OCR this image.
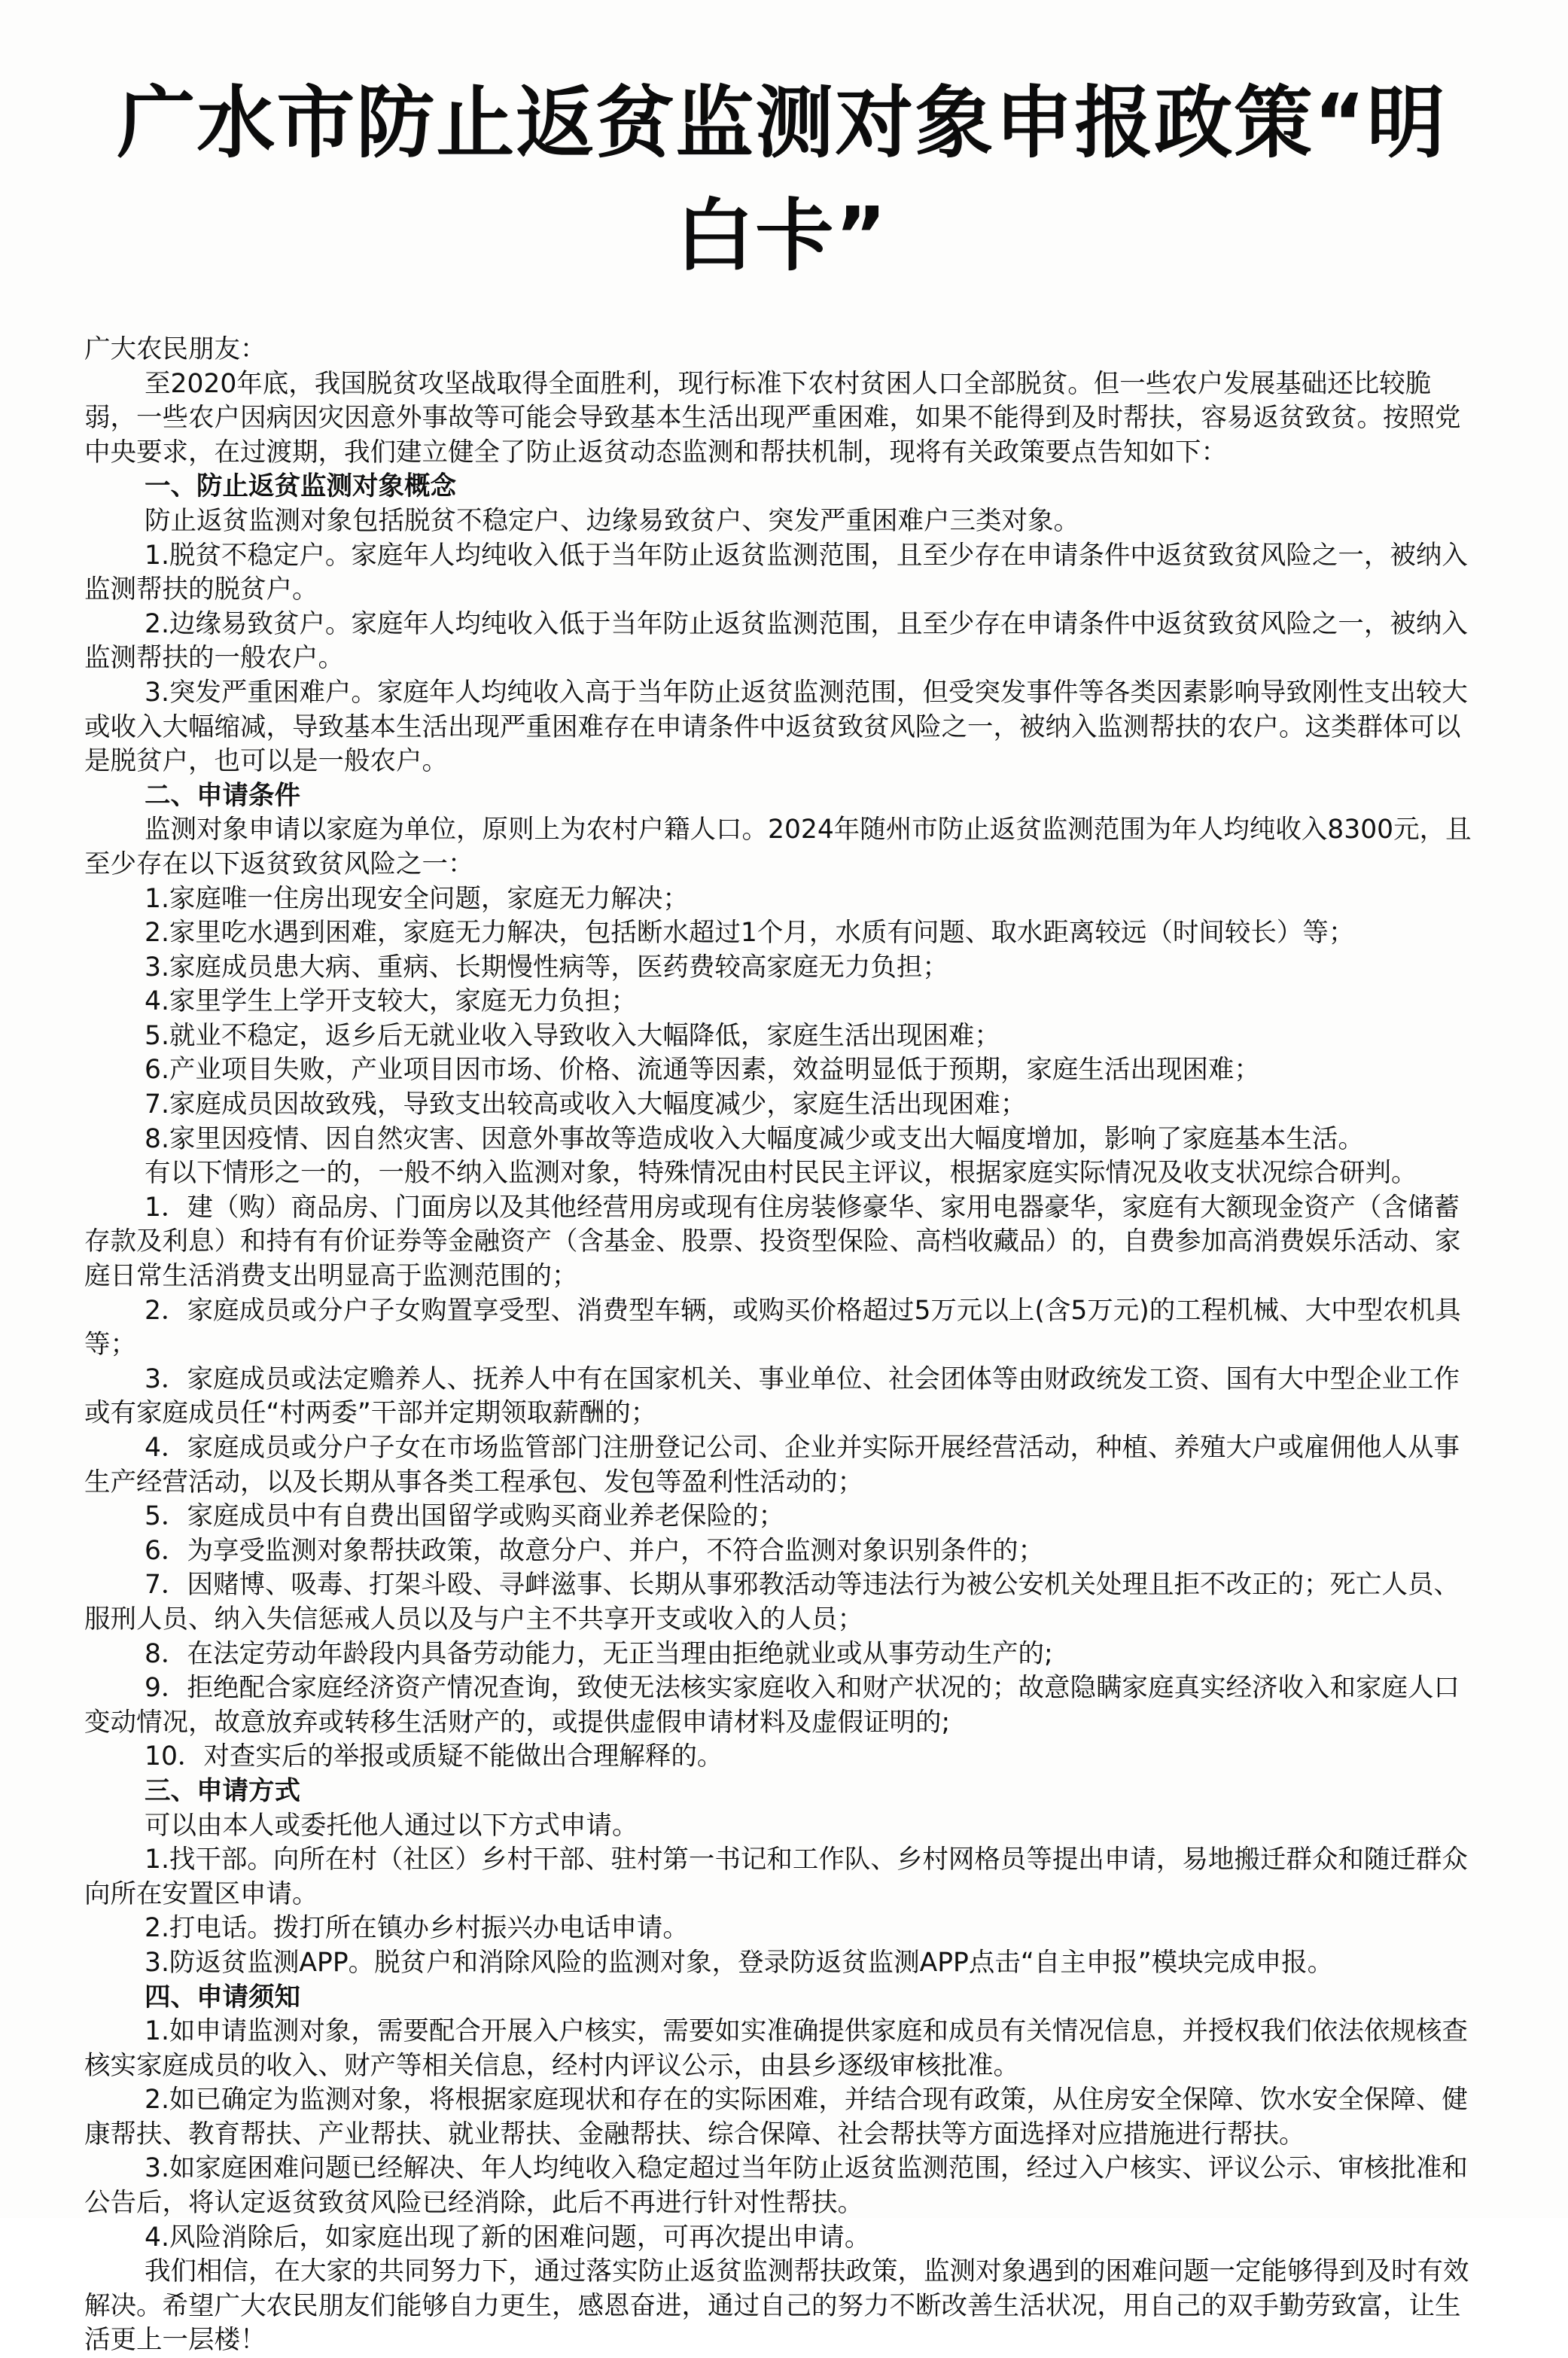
广水市防止返贫监测对象申报政策“明白卡”

广大农民朋友：

至2020年底，我国脱贫攻坚战取得全面胜利，现行标准下农村贫困人口全部脱贫。但一些农户发展基础还比较脆弱，一些农户因病因灾因意外事故等可能会导致基本生活出现严重困难，如果不能得到及时帮扶，容易返贫致贫。按照党中央要求，在过渡期，我们建立健全了防止返贫动态监测和帮扶机制，现将有关政策要点告知如下：

一、防止返贫监测对象概念

防止返贫监测对象包括脱贫不稳定户、边缘易致贫户、突发严重困难户三类对象。

1.脱贫不稳定户。家庭年人均纯收入低于当年防止返贫监测范围，且至少存在申请条件中返贫致贫风险之一，被纳入监测帮扶的脱贫户。

2.边缘易致贫户。家庭年人均纯收入低于当年防止返贫监测范围，且至少存在申请条件中返贫致贫风险之一，被纳入监测帮扶的一般农户。

3.突发严重困难户。家庭年人均纯收入高于当年防止返贫监测范围，但受突发事件等各类因素影响导致刚性支出较大或收入大幅缩减，导致基本生活出现严重困难存在申请条件中返贫致贫风险之一，被纳入监测帮扶的农户。这类群体可以是脱贫户，也可以是一般农户。

二、申请条件

监测对象申请以家庭为单位，原则上为农村户籍人口。2024年随州市防止返贫监测范围为年人均纯收入8300元，且至少存在以下返贫致贫风险之一：

1.家庭唯一住房出现安全问题，家庭无力解决；

2.家里吃水遇到困难，家庭无力解决，包括断水超过1个月，水质有问题、取水距离较远（时间较长）等；

3.家庭成员患大病、重病、长期慢性病等，医药费较高家庭无力负担；

4.家里学生上学开支较大，家庭无力负担；

5.就业不稳定，返乡后无就业收入导致收入大幅降低，家庭生活出现困难；

6.产业项目失败，产业项目因市场、价格、流通等因素，效益明显低于预期，家庭生活出现困难；

7.家庭成员因故致残，导致支出较高或收入大幅度减少，家庭生活出现困难；

8.家里因疫情、因自然灾害、因意外事故等造成收入大幅度减少或支出大幅度增加，影响了家庭基本生活。

有以下情形之一的，一般不纳入监测对象，特殊情况由村民民主评议，根据家庭实际情况及收支状况综合研判。

1．建（购）商品房、门面房以及其他经营用房或现有住房装修豪华、家用电器豪华，家庭有大额现金资产（含储蓄存款及利息）和持有有价证券等金融资产（含基金、股票、投资型保险、高档收藏品）的，自费参加高消费娱乐活动、家庭日常生活消费支出明显高于监测范围的；

2．家庭成员或分户子女购置享受型、消费型车辆，或购买价格超过5万元以上(含5万元)的工程机械、大中型农机具等；

3．家庭成员或法定赡养人、抚养人中有在国家机关、事业单位、社会团体等由财政统发工资、国有大中型企业工作或有家庭成员任“村两委”干部并定期领取薪酬的；

4．家庭成员或分户子女在市场监管部门注册登记公司、企业并实际开展经营活动，种植、养殖大户或雇佣他人从事生产经营活动，以及长期从事各类工程承包、发包等盈利性活动的；

5．家庭成员中有自费出国留学或购买商业养老保险的；

6．为享受监测对象帮扶政策，故意分户、并户，不符合监测对象识别条件的；

7．因赌博、吸毒、打架斗殴、寻衅滋事、长期从事邪教活动等违法行为被公安机关处理且拒不改正的；死亡人员、服刑人员、纳入失信惩戒人员以及与户主不共享开支或收入的人员；

8．在法定劳动年龄段内具备劳动能力，无正当理由拒绝就业或从事劳动生产的;

9．拒绝配合家庭经济资产情况查询，致使无法核实家庭收入和财产状况的；故意隐瞒家庭真实经济收入和家庭人口变动情况，故意放弃或转移生活财产的，或提供虚假申请材料及虚假证明的;

10．对查实后的举报或质疑不能做出合理解释的。

三、申请方式

可以由本人或委托他人通过以下方式申请。

1.找干部。向所在村（社区）乡村干部、驻村第一书记和工作队、乡村网格员等提出申请，易地搬迁群众和随迁群众向所在安置区申请。

2.打电话。拨打所在镇办乡村振兴办电话申请。

3.防返贫监测APP。脱贫户和消除风险的监测对象，登录防返贫监测APP点击“自主申报”模块完成申报。

四、申请须知

1.如申请监测对象，需要配合开展入户核实，需要如实准确提供家庭和成员有关情况信息，并授权我们依法依规核查核实家庭成员的收入、财产等相关信息，经村内评议公示，由县乡逐级审核批准。

2.如已确定为监测对象，将根据家庭现状和存在的实际困难，并结合现有政策，从住房安全保障、饮水安全保障、健康帮扶、教育帮扶、产业帮扶、就业帮扶、金融帮扶、综合保障、社会帮扶等方面选择对应措施进行帮扶。

3.如家庭困难问题已经解决、年人均纯收入稳定超过当年防止返贫监测范围，经过入户核实、评议公示、审核批准和公告后，将认定返贫致贫风险已经消除，此后不再进行针对性帮扶。

4.风险消除后，如家庭出现了新的困难问题，可再次提出申请。

我们相信，在大家的共同努力下，通过落实防止返贫监测帮扶政策，监测对象遇到的困难问题一定能够得到及时有效解决。希望广大农民朋友们能够自力更生，感恩奋进，通过自己的努力不断改善生活状况，用自己的双手勤劳致富，让生活更上一层楼！
